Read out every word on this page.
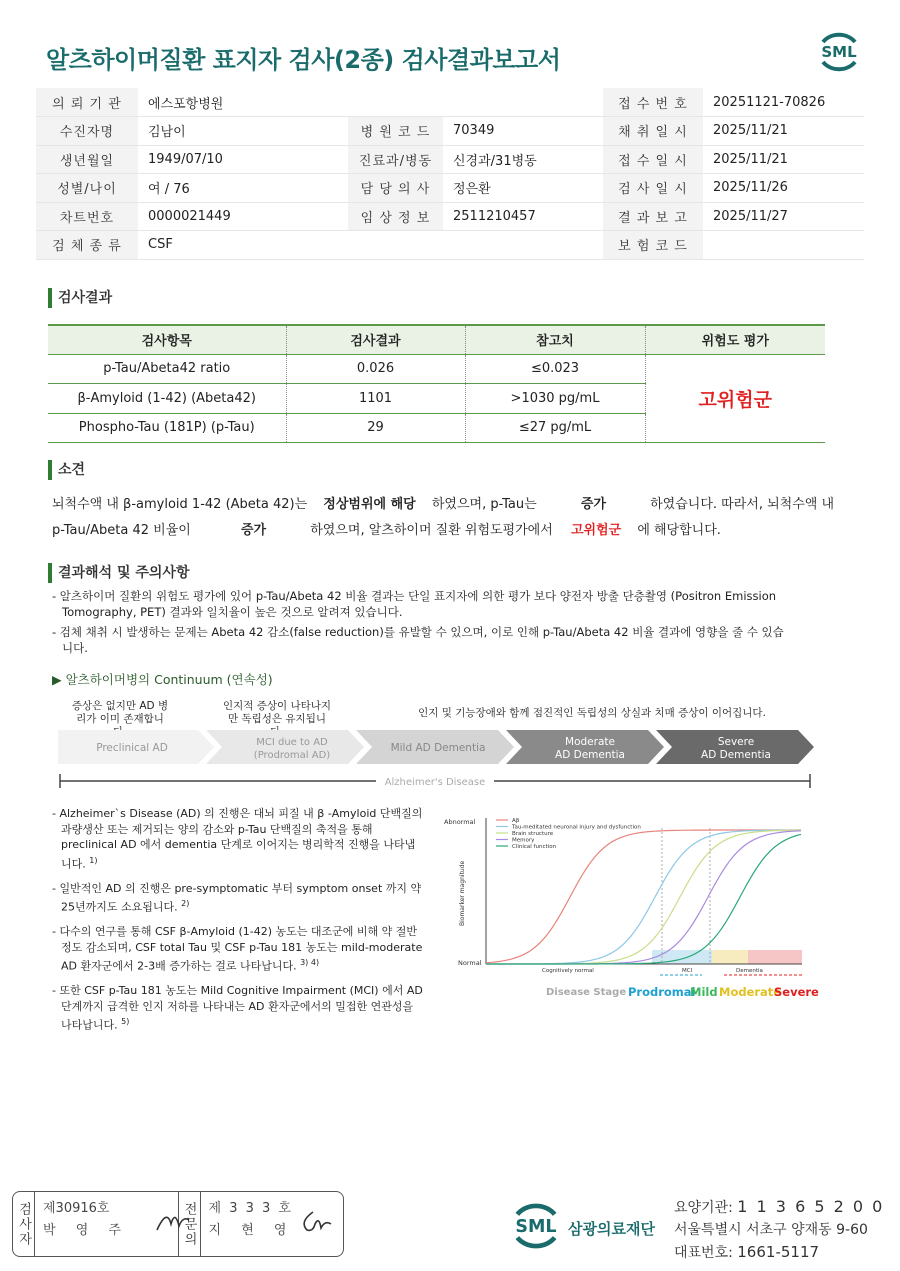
알츠하이머질환 표지자 검사(2종) 검사결과보고서	SML
의 뢰 기 관	에스포항병원			접 수 번 호	20251121-70826
수진자명	김남이	병 원 코 드	70349	채 취 일 시	2025/11/21
생년월일	1949/07/10	진료과/병동	신경과/31병동	접 수 일 시	2025/11/21
성별/나이	여 / 76	담 당 의 사	정은환	검 사 일 시	2025/11/26
차트번호	0000021449	임 상 정 보	2511210457	결 과 보 고	2025/11/27
검 체 종 류	CSF			보 험 코 드	
검사결과
검사항목	검사결과	참고치	위험도 평가
p-Tau/Abeta42 ratio	0.026	≤0.023	고위험군
β-Amyloid (1-42) (Abeta42)	1101	>1030 pg/mL	
Phospho-Tau (181P) (p-Tau)	29	≤27 pg/mL	
소견
뇌척수액 내 β-amyloid 1-42 (Abeta 42)는 정상범위에 해당 하였으며, p-Tau는	증가	하였습니다. 따라서, 뇌척수액 내
p-Tau/Abeta 42 비율이	증가	하였으며, 알츠하이머 질환 위험도평가에서 고위험군 에 해당합니다.
결과해석 및 주의사항
- 알츠하이머 질환의 위험도 평가에 있어 p-Tau/Abeta 42 비율 결과는 단일 표지자에 의한 평가 보다 양전자 방출 단층촬영 (Positron Emission Tomography, PET) 결과와 일치율이 높은 것으로 알려져 있습니다.
- 검체 채취 시 발생하는 문제는 Abeta 42 감소(false reduction)를 유발할 수 있으며, 이로 인해 p-Tau/Abeta 42 비율 결과에 영향을 줄 수 있습니다.
▶ 알츠하이머병의 Continuum (연속성)
증상은 없지만 AD 병리가 이미 존재합니
인지적 증상이 나타나지만 독립성은 유지됩니	인지 및 기능장애와 함께 점진적인 독립성의 상실과 치매 증상이 이어집니다.
Preclinical AD	MCI due to AD (Prodromal AD)
Mild AD Dementia	Moderate AD Dementia
Severe AD Dementia
Alzheimer's Disease
- Alzheimer`s Disease (AD) 의 진행은 대뇌 피질 내 β -Amyloid 단백질의 과량생산 또는 제거되는 양의 감소와 p-Tau 단백질의 축적을 통해 preclinical AD 에서 dementia 단계로 이어지는 병리학적 진행을 나타냅니다. $^{1)}$
- 일반적인 AD 의 진행은 pre-symptomatic 부터 symptom onset 까지 약 25년까지도 소요됩니다. $^{2)}$
- 다수의 연구를 통해 CSF β-Amyloid (1-42) 농도는 대조군에 비해 약 절반정도 감소되며, CSF total Tau 및 CSF p-Tau 181 농도는 mild-moderate AD 환자군에서 2-3배 증가하는 걸로 나타납니다. $^{3) 4)}$
- 또한 CSF p-Tau 181 농도는 Mild Cognitive Impairment (MCI) 에서 AD 단계까지 급격한 인지 저하를 나타내는 AD 환자군에서의 밀접한 연관성을 나타납니다. $^{5)}$
Aβ
Tau-meditated neuronal injury and dysfunction
Brain structure
Memory
Clinical function
Abnormal
Normal
Biomarker magnitude
Cognitively normal	MCI	Dementia
Disease Stage Prodromal
Mild Moderate
Severe
검사자 제30916호
박 영 주	전문의 제 3 3 3 호
지 현 영	SML 삼광의료재단
요양기관: 1 1 3 6 5 2 0 0
서울특별시 서초구 양재동 9-60
대표번호: 1661-5117
